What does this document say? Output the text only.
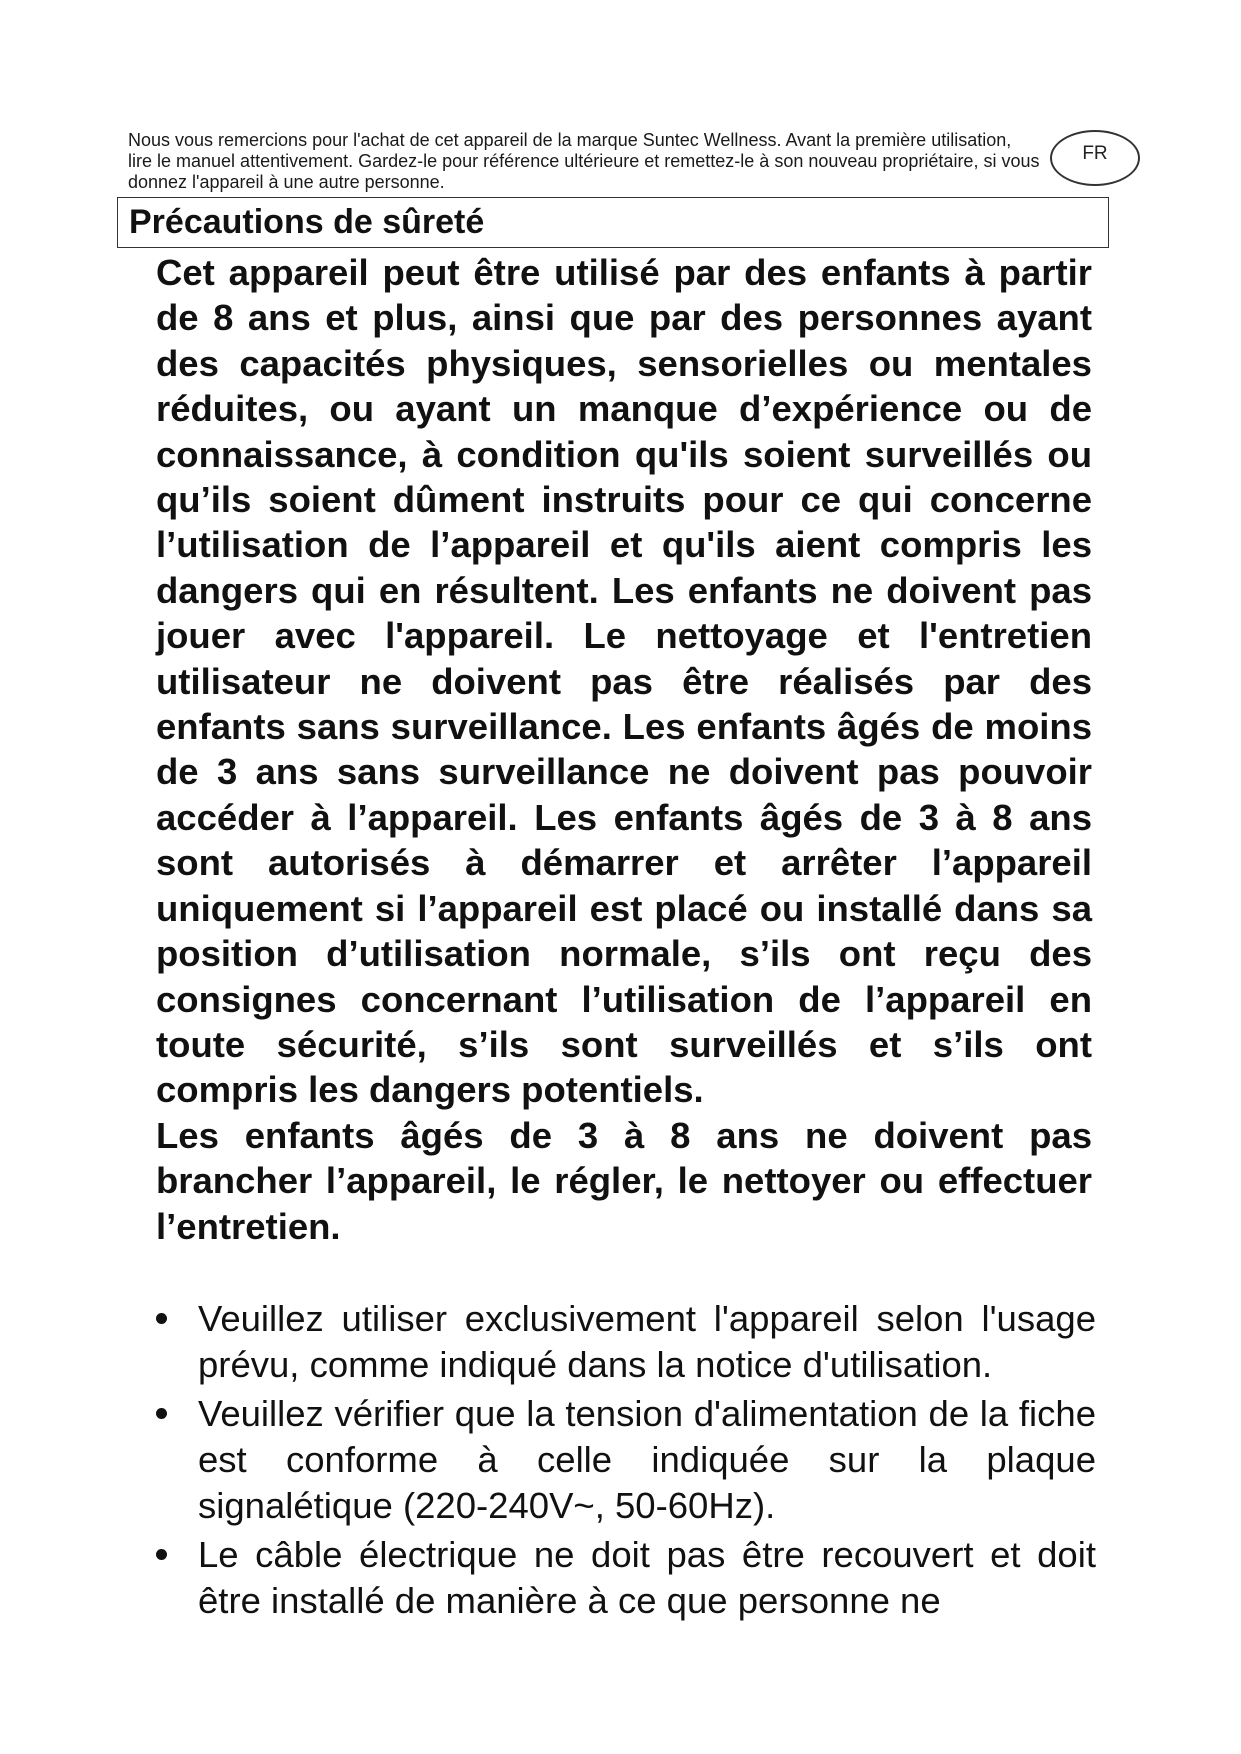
Nous vous remercions pour l'achat de cet appareil de la marque Suntec Wellness. Avant la première utilisation, lire le manuel attentivement. Gardez-le pour référence ultérieure et remettez-le à son nouveau propriétaire, si vous donnez l'appareil à une autre personne.
FR
Précautions de sûreté

Cet appareil peut être utilisé par des enfants à partir de 8 ans et plus, ainsi que par des personnes ayant des capacités physiques, sensorielles ou mentales réduites, ou ayant un manque d’expérience ou de connaissance, à condition qu'ils soient surveillés ou qu’ils soient dûment instruits pour ce qui concerne l’utilisation de l’appareil et qu'ils aient compris les dangers qui en résultent. Les enfants ne doivent pas jouer avec l'appareil. Le nettoyage et l'entretien utilisateur ne doivent pas être réalisés par des enfants sans surveillance. Les enfants âgés de moins de 3 ans sans surveillance ne doivent pas pouvoir accéder à l’appareil. Les enfants âgés de 3 à 8 ans sont autorisés à démarrer et arrêter l’appareil uniquement si l’appareil est placé ou installé dans sa position d’utilisation normale, s’ils ont reçu des consignes concernant l’utilisation de l’appareil en toute sécurité, s’ils sont surveillés et s’ils ont compris les dangers potentiels.

Les enfants âgés de 3 à 8 ans ne doivent pas brancher l’appareil, le régler, le nettoyer ou effectuer l’entretien.

Veuillez utiliser exclusivement l'appareil selon l'usage prévu, comme indiqué dans la notice d'utilisation.
Veuillez vérifier que la tension d'alimentation de la fiche est conforme à celle indiquée sur la plaque signalétique (220-240V~, 50-60Hz).
Le câble électrique ne doit pas être recouvert et doit être installé de manière à ce que personne ne
